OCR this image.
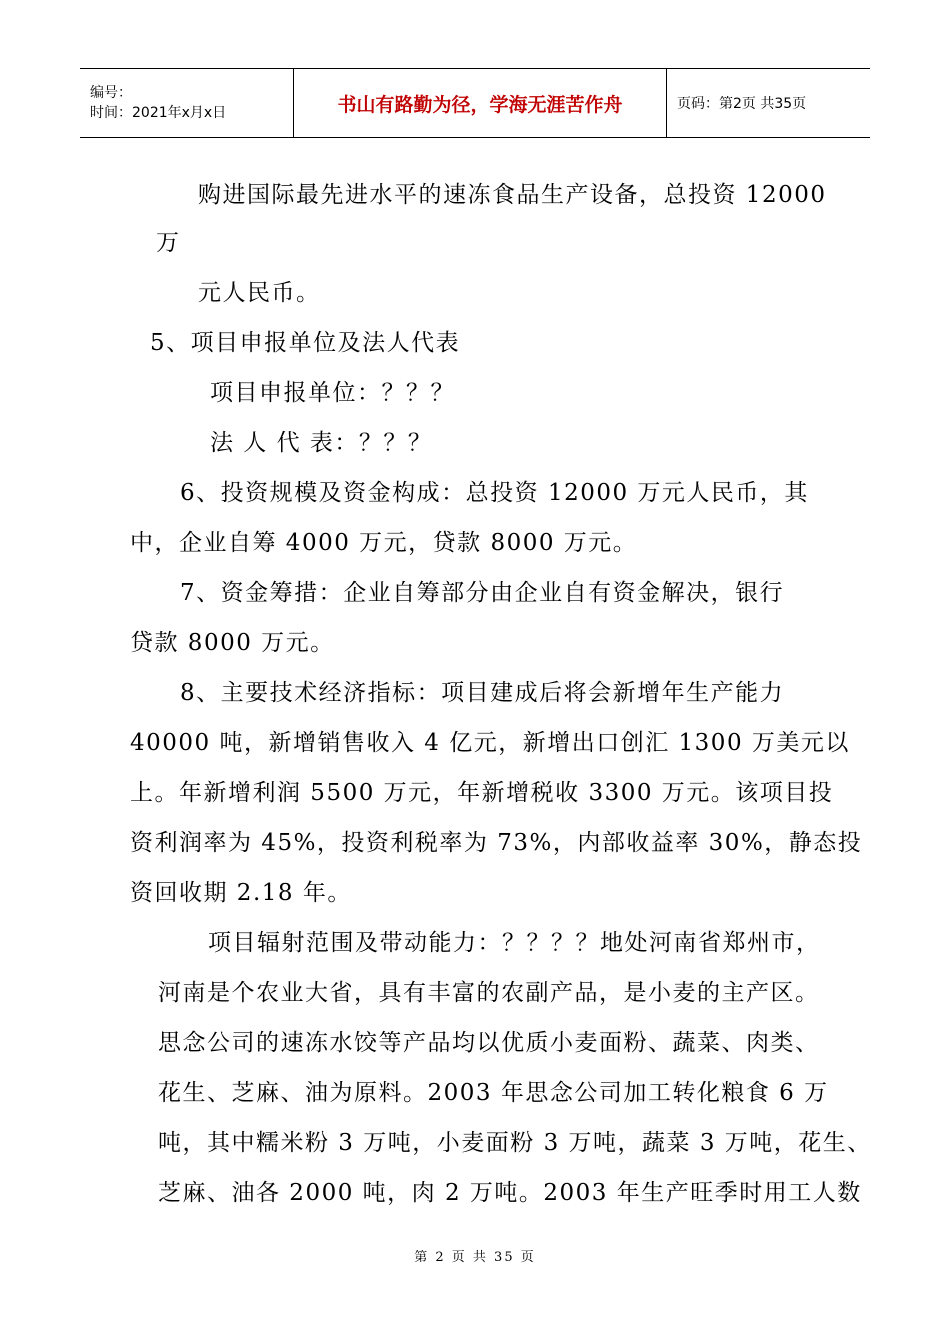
编号：
时间：2021年x月x日	书山有路勤为径，学海无涯苦作舟	页码：第2页 共35页
购进国际最先进水平的速冻食品生产设备，总投资 12000
万
元人民币。
5、项目申报单位及法人代表
项目申报单位：？？？
法 人 代 表：？？？
6、投资规模及资金构成：总投资 12000 万元人民币，其
中，企业自筹 4000 万元，贷款 8000 万元。
7、资金筹措：企业自筹部分由企业自有资金解决，银行
贷款 8000 万元。
8、主要技术经济指标：项目建成后将会新增年生产能力
40000 吨，新增销售收入 4 亿元，新增出口创汇 1300 万美元以
上。年新增利润 5500 万元，年新增税收 3300 万元。该项目投
资利润率为 45%，投资利税率为 73%，内部收益率 30%，静态投
资回收期 2.18 年。
项目辐射范围及带动能力：？？？？地处河南省郑州市，
河南是个农业大省，具有丰富的农副产品，是小麦的主产区。
思念公司的速冻水饺等产品均以优质小麦面粉、蔬菜、肉类、
花生、芝麻、油为原料。2003 年思念公司加工转化粮食 6 万
吨，其中糯米粉 3 万吨，小麦面粉 3 万吨，蔬菜 3 万吨，花生、
芝麻、油各 2000 吨，肉 2 万吨。2003 年生产旺季时用工人数
第 2 页 共 35 页
